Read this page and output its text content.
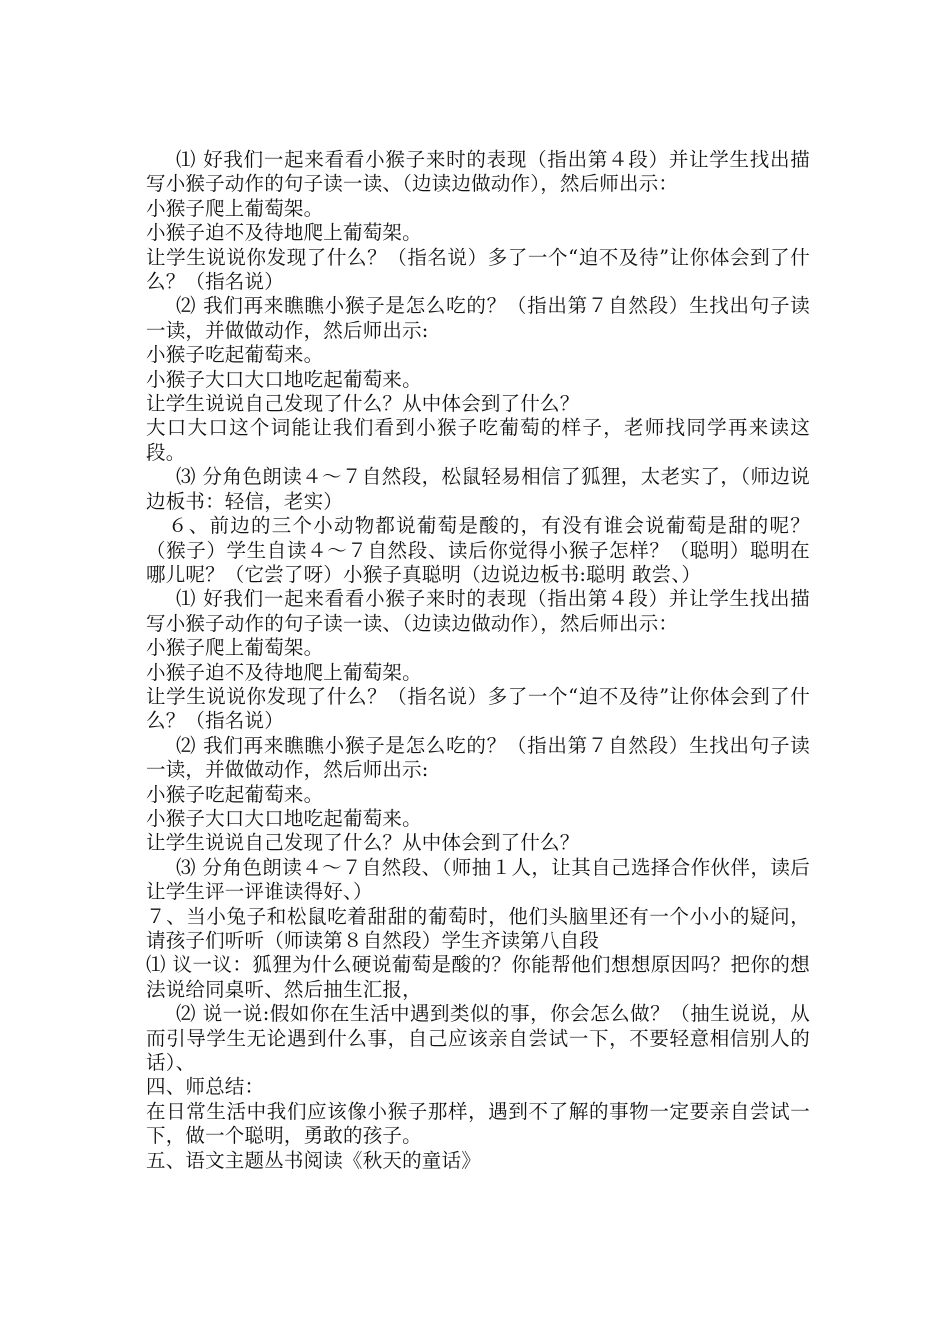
⑴ 好我们一起来看看小猴子来时的表现（指出第４段）并让学生找出描写小猴子动作的句子读一读、（边读边做动作），然后师出示：

小猴子爬上葡萄架。

小猴子迫不及待地爬上葡萄架。

让学生说说你发现了什么？（指名说）多了一个“迫不及待”让你体会到了什么？（指名说）

⑵ 我们再来瞧瞧小猴子是怎么吃的？（指出第７自然段）生找出句子读一读，并做做动作，然后师出示:

小猴子吃起葡萄来。

小猴子大口大口地吃起葡萄来。

让学生说说自己发现了什么？从中体会到了什么？

大口大口这个词能让我们看到小猴子吃葡萄的样子，老师找同学再来读这段。

⑶ 分角色朗读４～７自然段，松鼠轻易相信了狐狸，太老实了，（师边说边板书：轻信，老实）

６、前边的三个小动物都说葡萄是酸的，有没有谁会说葡萄是甜的呢？（猴子）学生自读４～７自然段、读后你觉得小猴子怎样？（聪明）聪明在哪儿呢？（它尝了呀）小猴子真聪明（边说边板书:聪明 敢尝、）

⑴ 好我们一起来看看小猴子来时的表现（指出第４段）并让学生找出描写小猴子动作的句子读一读、（边读边做动作），然后师出示：

小猴子爬上葡萄架。

小猴子迫不及待地爬上葡萄架。

让学生说说你发现了什么？（指名说）多了一个“迫不及待”让你体会到了什么？（指名说）

⑵ 我们再来瞧瞧小猴子是怎么吃的？（指出第７自然段）生找出句子读一读，并做做动作，然后师出示:

小猴子吃起葡萄来。

小猴子大口大口地吃起葡萄来。

让学生说说自己发现了什么？从中体会到了什么？

⑶ 分角色朗读４～７自然段、（师抽１人，让其自己选择合作伙伴，读后让学生评一评谁读得好、）

７、当小兔子和松鼠吃着甜甜的葡萄时，他们头脑里还有一个小小的疑问，请孩子们听听（师读第８自然段）学生齐读第八自段

⑴ 议一议：狐狸为什么硬说葡萄是酸的？你能帮他们想想原因吗？把你的想法说给同桌听、然后抽生汇报，

⑵ 说一说:假如你在生活中遇到类似的事，你会怎么做？（抽生说说，从而引导学生无论遇到什么事，自己应该亲自尝试一下，不要轻意相信别人的话）、

四、师总结：

在日常生活中我们应该像小猴子那样，遇到不了解的事物一定要亲自尝试一下，做一个聪明，勇敢的孩子。

五、语文主题丛书阅读《秋天的童话》
